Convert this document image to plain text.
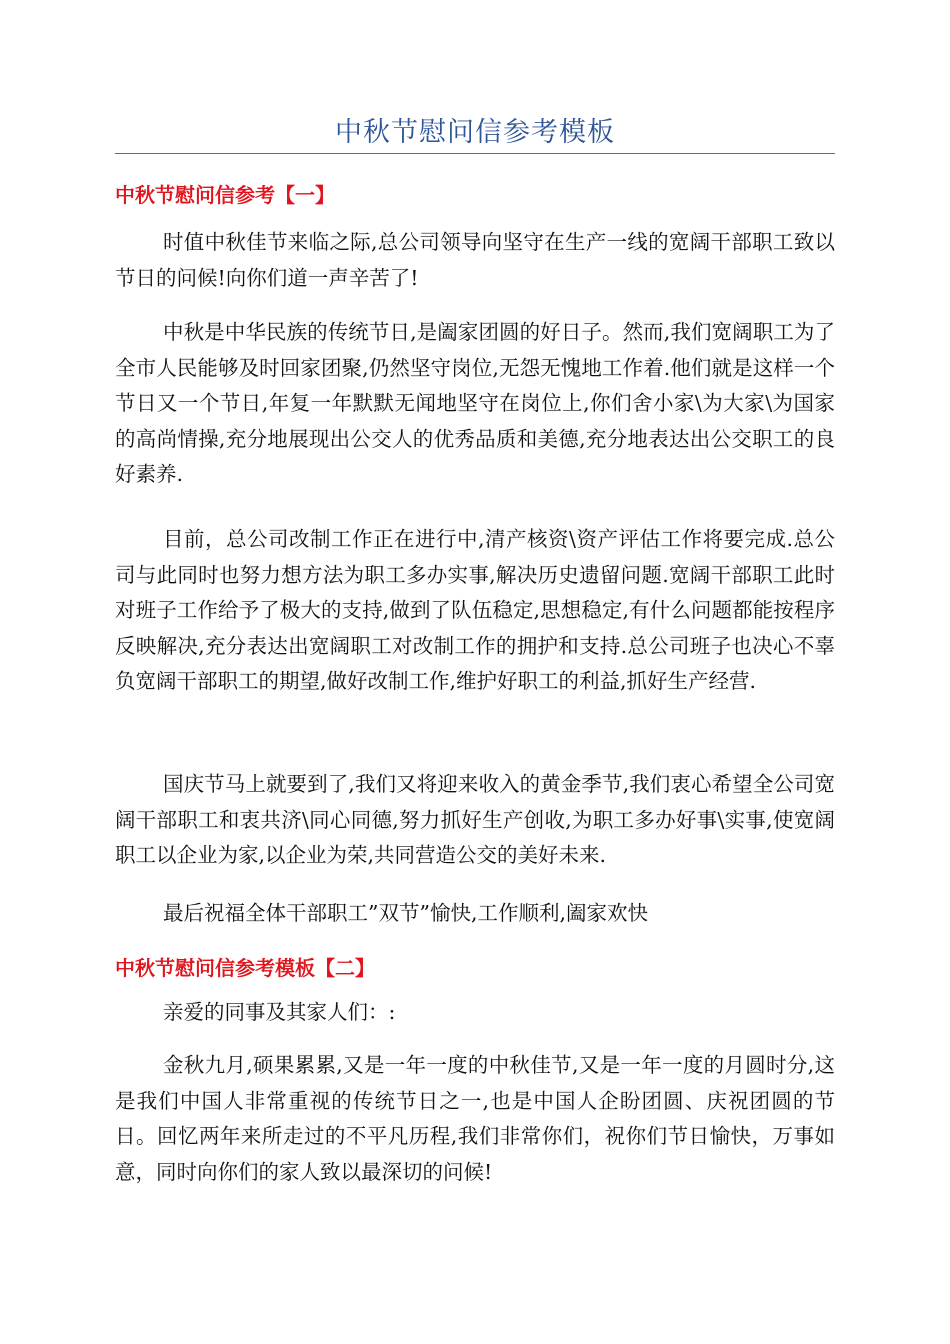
中秋节慰问信参考模板
中秋节慰问信参考【一】

时值中秋佳节来临之际,总公司领导向坚守在生产一线的宽阔干部职工致以节日的问候!向你们道一声辛苦了!

中秋是中华民族的传统节日,是阖家团圆的好日子。然而,我们宽阔职工为了全市人民能够及时回家团聚,仍然坚守岗位,无怨无愧地工作着.他们就是这样一个节日又一个节日,年复一年默默无闻地坚守在岗位上,你们舍小家\为大家\为国家的高尚情操,充分地展现出公交人的优秀品质和美德,充分地表达出公交职工的良好素养.

目前，总公司改制工作正在进行中,清产核资\资产评估工作将要完成.总公司与此同时也努力想方法为职工多办实事,解决历史遗留问题.宽阔干部职工此时对班子工作给予了极大的支持,做到了队伍稳定,思想稳定,有什么问题都能按程序反映解决,充分表达出宽阔职工对改制工作的拥护和支持.总公司班子也决心不辜负宽阔干部职工的期望,做好改制工作,维护好职工的利益,抓好生产经营.

国庆节马上就要到了,我们又将迎来收入的黄金季节,我们衷心希望全公司宽阔干部职工和衷共济\同心同德,努力抓好生产创收,为职工多办好事\实事,使宽阔职工以企业为家,以企业为荣,共同营造公交的美好未来.

最后祝福全体干部职工”双节”愉快,工作顺利,阖家欢快

中秋节慰问信参考模板【二】

亲爱的同事及其家人们：:

金秋九月,硕果累累,又是一年一度的中秋佳节,又是一年一度的月圆时分,这是我们中国人非常重视的传统节日之一,也是中国人企盼团圆、庆祝团圆的节日。回忆两年来所走过的不平凡历程,我们非常你们，祝你们节日愉快，万事如意，同时向你们的家人致以最深切的问候!
